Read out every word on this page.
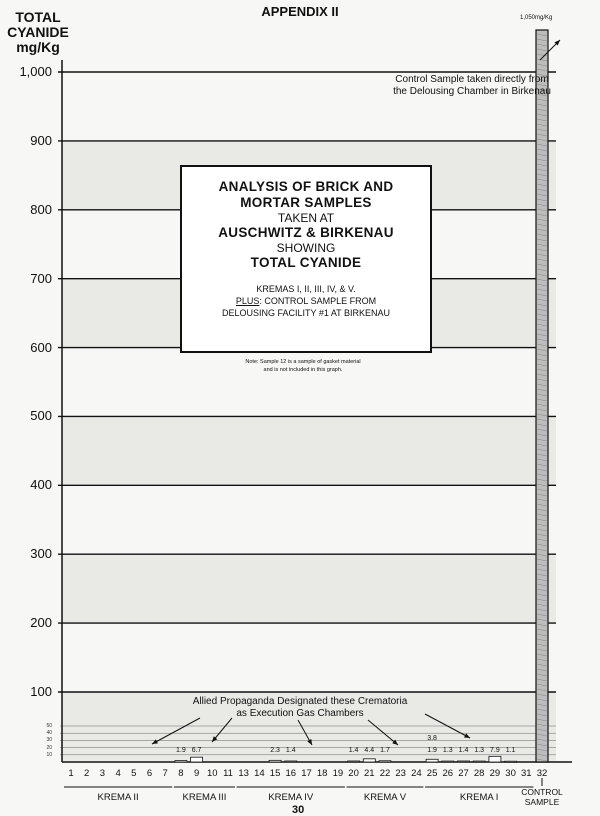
APPENDIX II
TOTAL
CYANIDE
mg/Kg
1,000
900
800
700
600
500
400
300
200
100
50
40
30
20
10
1	2	3	4	5	6	7	8	9 10 11 13 14 15 16 17 18 19 20 21 22 23 24 25 26 27 28 29 30 31 32
1.9 6.7	2.3 1.4	1.4 4.4 1.7	1.9 1.3 1.4 1.3 7.9 1.1
3.8
KREMA II	KREMA III	KREMA IV	KREMA V	KREMA I	CONTROL SAMPLE
Control Sample taken directly from
the Delousing Chamber in Birkenau
1,050mg/Kg
ANALYSIS OF BRICK AND
MORTAR SAMPLES
TAKEN AT
AUSCHWITZ & BIRKENAU
SHOWING
TOTAL CYANIDE
KREMAS I, II, III, IV, & V.
PLUS: CONTROL SAMPLE FROM
DELOUSING FACILITY #1 AT BIRKENAU
Note: Sample 12 is a sample of gasket material
and is not included in this graph.
Allied Propaganda Designated these Crematoria
as Execution Gas Chambers
30
